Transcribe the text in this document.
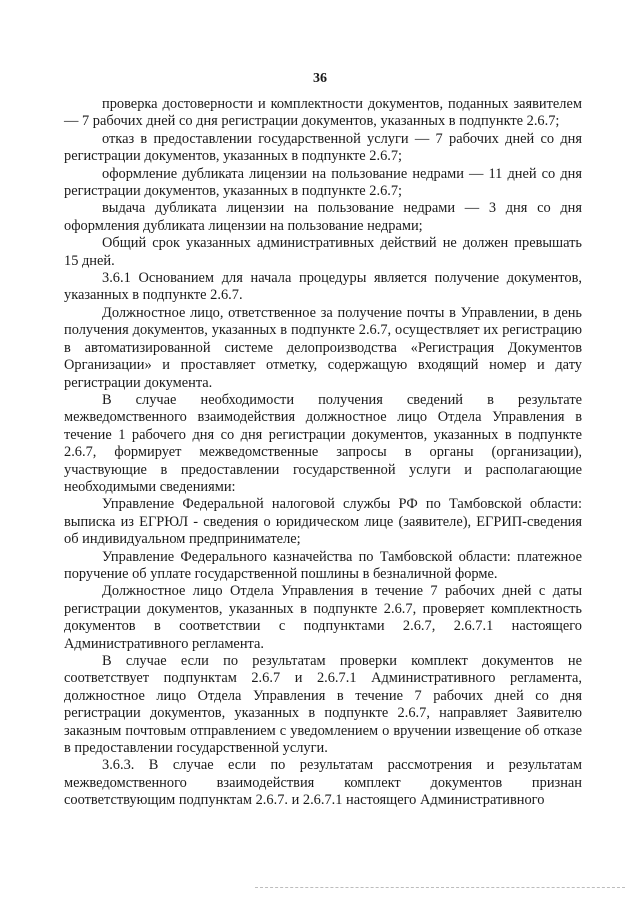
36

проверка достоверности и комплектности документов, поданных заявителем — 7 рабочих дней со дня регистрации документов, указанных в подпункте 2.6.7;

отказ в предоставлении государственной услуги — 7 рабочих дней со дня регистрации документов, указанных в подпункте 2.6.7;

оформление дубликата лицензии на пользование недрами — 11 дней со дня регистрации документов, указанных в подпункте 2.6.7;

выдача дубликата лицензии на пользование недрами — 3 дня со дня оформления дубликата лицензии на пользование недрами;

Общий срок указанных административных действий не должен превышать 15 дней.

3.6.1 Основанием для начала процедуры является получение документов, указанных в подпункте 2.6.7.

Должностное лицо, ответственное за получение почты в Управлении, в день получения документов, указанных в подпункте 2.6.7, осуществляет их регистрацию в автоматизированной системе делопроизводства «Регистрация Документов Организации» и проставляет отметку, содержащую входящий номер и дату регистрации документа.

В случае необходимости получения сведений в результате межведомственного взаимодействия должностное лицо Отдела Управления в течение 1 рабочего дня со дня регистрации документов, указанных в подпункте 2.6.7, формирует межведомственные запросы в органы (организации), участвующие в предоставлении государственной услуги и располагающие необходимыми сведениями:

Управление Федеральной налоговой службы РФ по Тамбовской области: выписка из ЕГРЮЛ - сведения о юридическом лице (заявителе), ЕГРИП-сведения об индивидуальном предпринимателе;

Управление Федерального казначейства по Тамбовской области: платежное поручение об уплате государственной пошлины в безналичной форме.

Должностное лицо Отдела Управления в течение 7 рабочих дней с даты регистрации документов, указанных в подпункте 2.6.7, проверяет комплектность документов в соответствии с подпунктами 2.6.7, 2.6.7.1 настоящего Административного регламента.

В случае если по результатам проверки комплект документов не соответствует подпунктам 2.6.7 и 2.6.7.1 Административного регламента, должностное лицо Отдела Управления в течение 7 рабочих дней со дня регистрации документов, указанных в подпункте 2.6.7, направляет Заявителю заказным почтовым отправлением с уведомлением о вручении извещение об отказе в предоставлении государственной услуги.

3.6.3. В случае если по результатам рассмотрения и результатам межведомственного взаимодействия комплект документов признан соответствующим подпунктам 2.6.7. и 2.6.7.1 настоящего Административного
